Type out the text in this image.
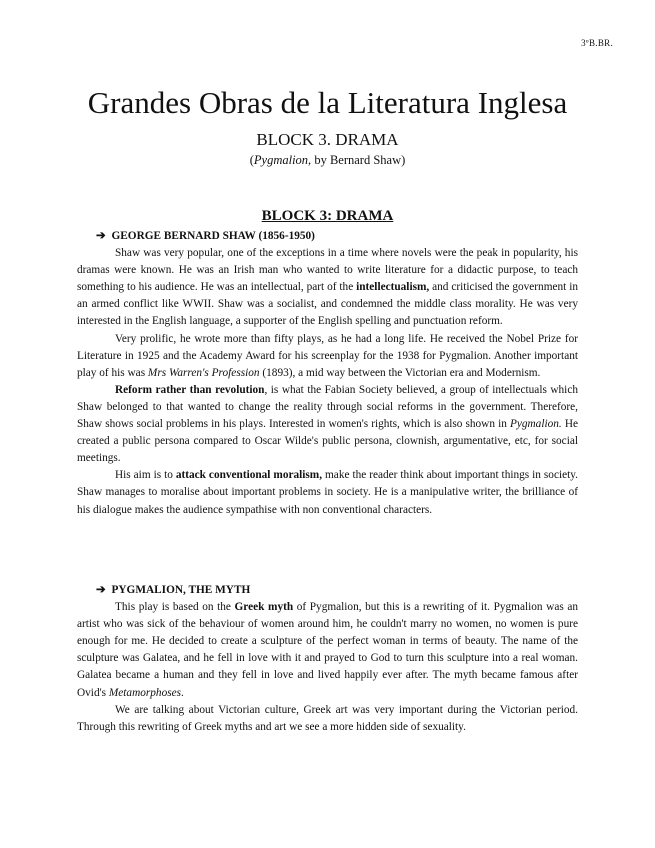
3ºB.BR.
Grandes Obras de la Literatura Inglesa
BLOCK 3. DRAMA
(Pygmalion, by Bernard Shaw)
BLOCK 3: DRAMA
➔ GEORGE BERNARD SHAW (1856-1950)

Shaw was very popular, one of the exceptions in a time where novels were the peak in popularity, his dramas were known. He was an Irish man who wanted to write literature for a didactic purpose, to teach something to his audience. He was an intellectual, part of the intellectualism, and criticised the government in an armed conflict like WWII. Shaw was a socialist, and condemned the middle class morality. He was very interested in the English language, a supporter of the English spelling and punctuation reform.

Very prolific, he wrote more than fifty plays, as he had a long life. He received the Nobel Prize for Literature in 1925 and the Academy Award for his screenplay for the 1938 for Pygmalion. Another important play of his was Mrs Warren's Profession (1893), a mid way between the Victorian era and Modernism.

Reform rather than revolution, is what the Fabian Society believed, a group of intellectuals which Shaw belonged to that wanted to change the reality through social reforms in the government. Therefore, Shaw shows social problems in his plays. Interested in women's rights, which is also shown in Pygmalion. He created a public persona compared to Oscar Wilde's public persona, clownish, argumentative, etc, for social meetings.

His aim is to attack conventional moralism, make the reader think about important things in society. Shaw manages to moralise about important problems in society. He is a manipulative writer, the brilliance of his dialogue makes the audience sympathise with non conventional characters.

➔ PYGMALION, THE MYTH

This play is based on the Greek myth of Pygmalion, but this is a rewriting of it. Pygmalion was an artist who was sick of the behaviour of women around him, he couldn't marry no women, no women is pure enough for me. He decided to create a sculpture of the perfect woman in terms of beauty. The name of the sculpture was Galatea, and he fell in love with it and prayed to God to turn this sculpture into a real woman. Galatea became a human and they fell in love and lived happily ever after. The myth became famous after Ovid's Metamorphoses.

We are talking about Victorian culture, Greek art was very important during the Victorian period. Through this rewriting of Greek myths and art we see a more hidden side of sexuality.
